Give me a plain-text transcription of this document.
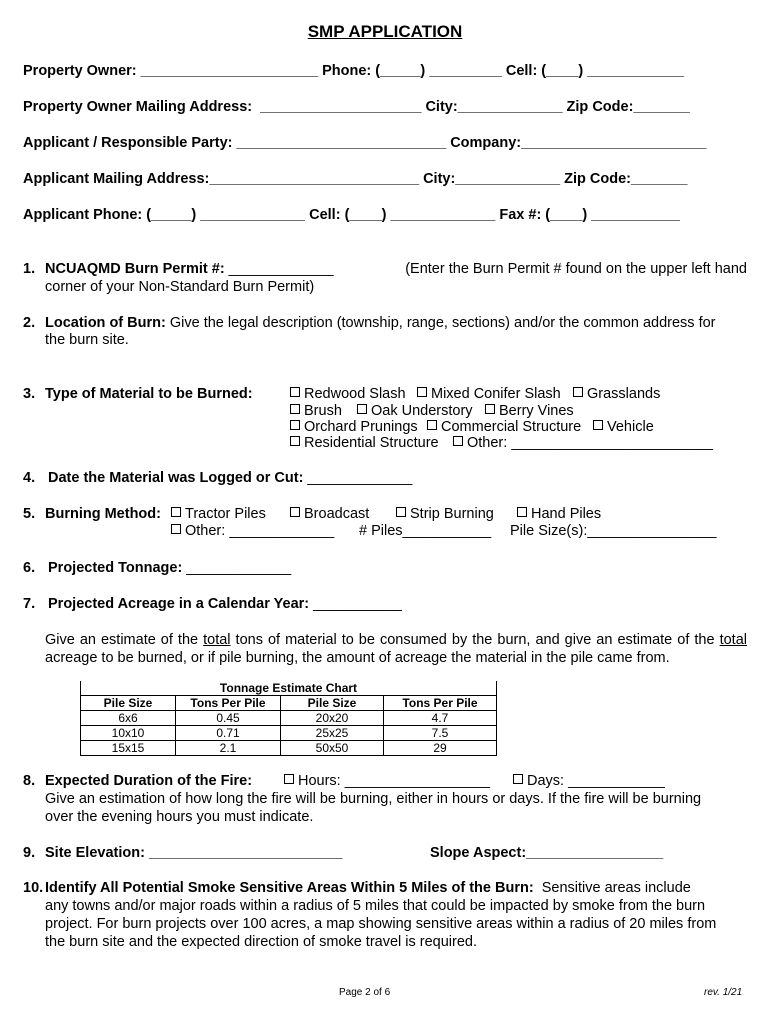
SMP APPLICATION
Property Owner: ______________________ Phone: (_____) _________ Cell: (____) ____________
Property Owner Mailing Address:  ____________________ City:_____________ Zip Code:_______
Applicant / Responsible Party: __________________________ Company:_______________________
Applicant Mailing Address:__________________________ City:_____________ Zip Code:_______
Applicant Phone: (_____) _____________ Cell: (____) _____________ Fax #: (____) ___________
1. NCUAQMD Burn Permit #: _____________	(Enter the Burn Permit # found on the upper left hand
corner of your Non-Standard Burn Permit)
2. Location of Burn: Give the legal description (township, range, sections) and/or the common address for
the burn site.
3. Type of Material to be Burned:	Redwood Slash	Mixed Conifer Slash	Grasslands
Brush	Oak Understory	Berry Vines
Orchard Prunings	Commercial Structure	Vehicle
Residential Structure	Other: _________________________
4. Date the Material was Logged or Cut: _____________
5. Burning Method:	Tractor Piles	Broadcast	Strip Burning	Hand Piles
Other: _____________ # Piles___________ Pile Size(s):________________
6. Projected Tonnage: _____________
7. Projected Acreage in a Calendar Year: ___________
Give an estimate of the total tons of material to be consumed by the burn, and give an estimate of the total acreage to be burned, or if pile burning, the amount of acreage the material in the pile came from.
Tonnage Estimate Chart			
Pile Size	Tons Per Pile	Pile Size	Tons Per Pile
6x6	0.45	20x20	4.7
10x10	0.71	25x25	7.5
15x15	2.1	50x50	29
8. Expected Duration of the Fire:	Hours: __________________	Days: ____________
Give an estimation of how long the fire will be burning, either in hours or days. If the fire will be burning
over the evening hours you must indicate.
9. Site Elevation: ________________________	Slope Aspect:_________________
10. Identify All Potential Smoke Sensitive Areas Within 5 Miles of the Burn:  Sensitive areas include
any towns and/or major roads within a radius of 5 miles that could be impacted by smoke from the burn
project. For burn projects over 100 acres, a map showing sensitive areas within a radius of 20 miles from
the burn site and the expected direction of smoke travel is required.
Page 2 of 6	rev. 1/21
